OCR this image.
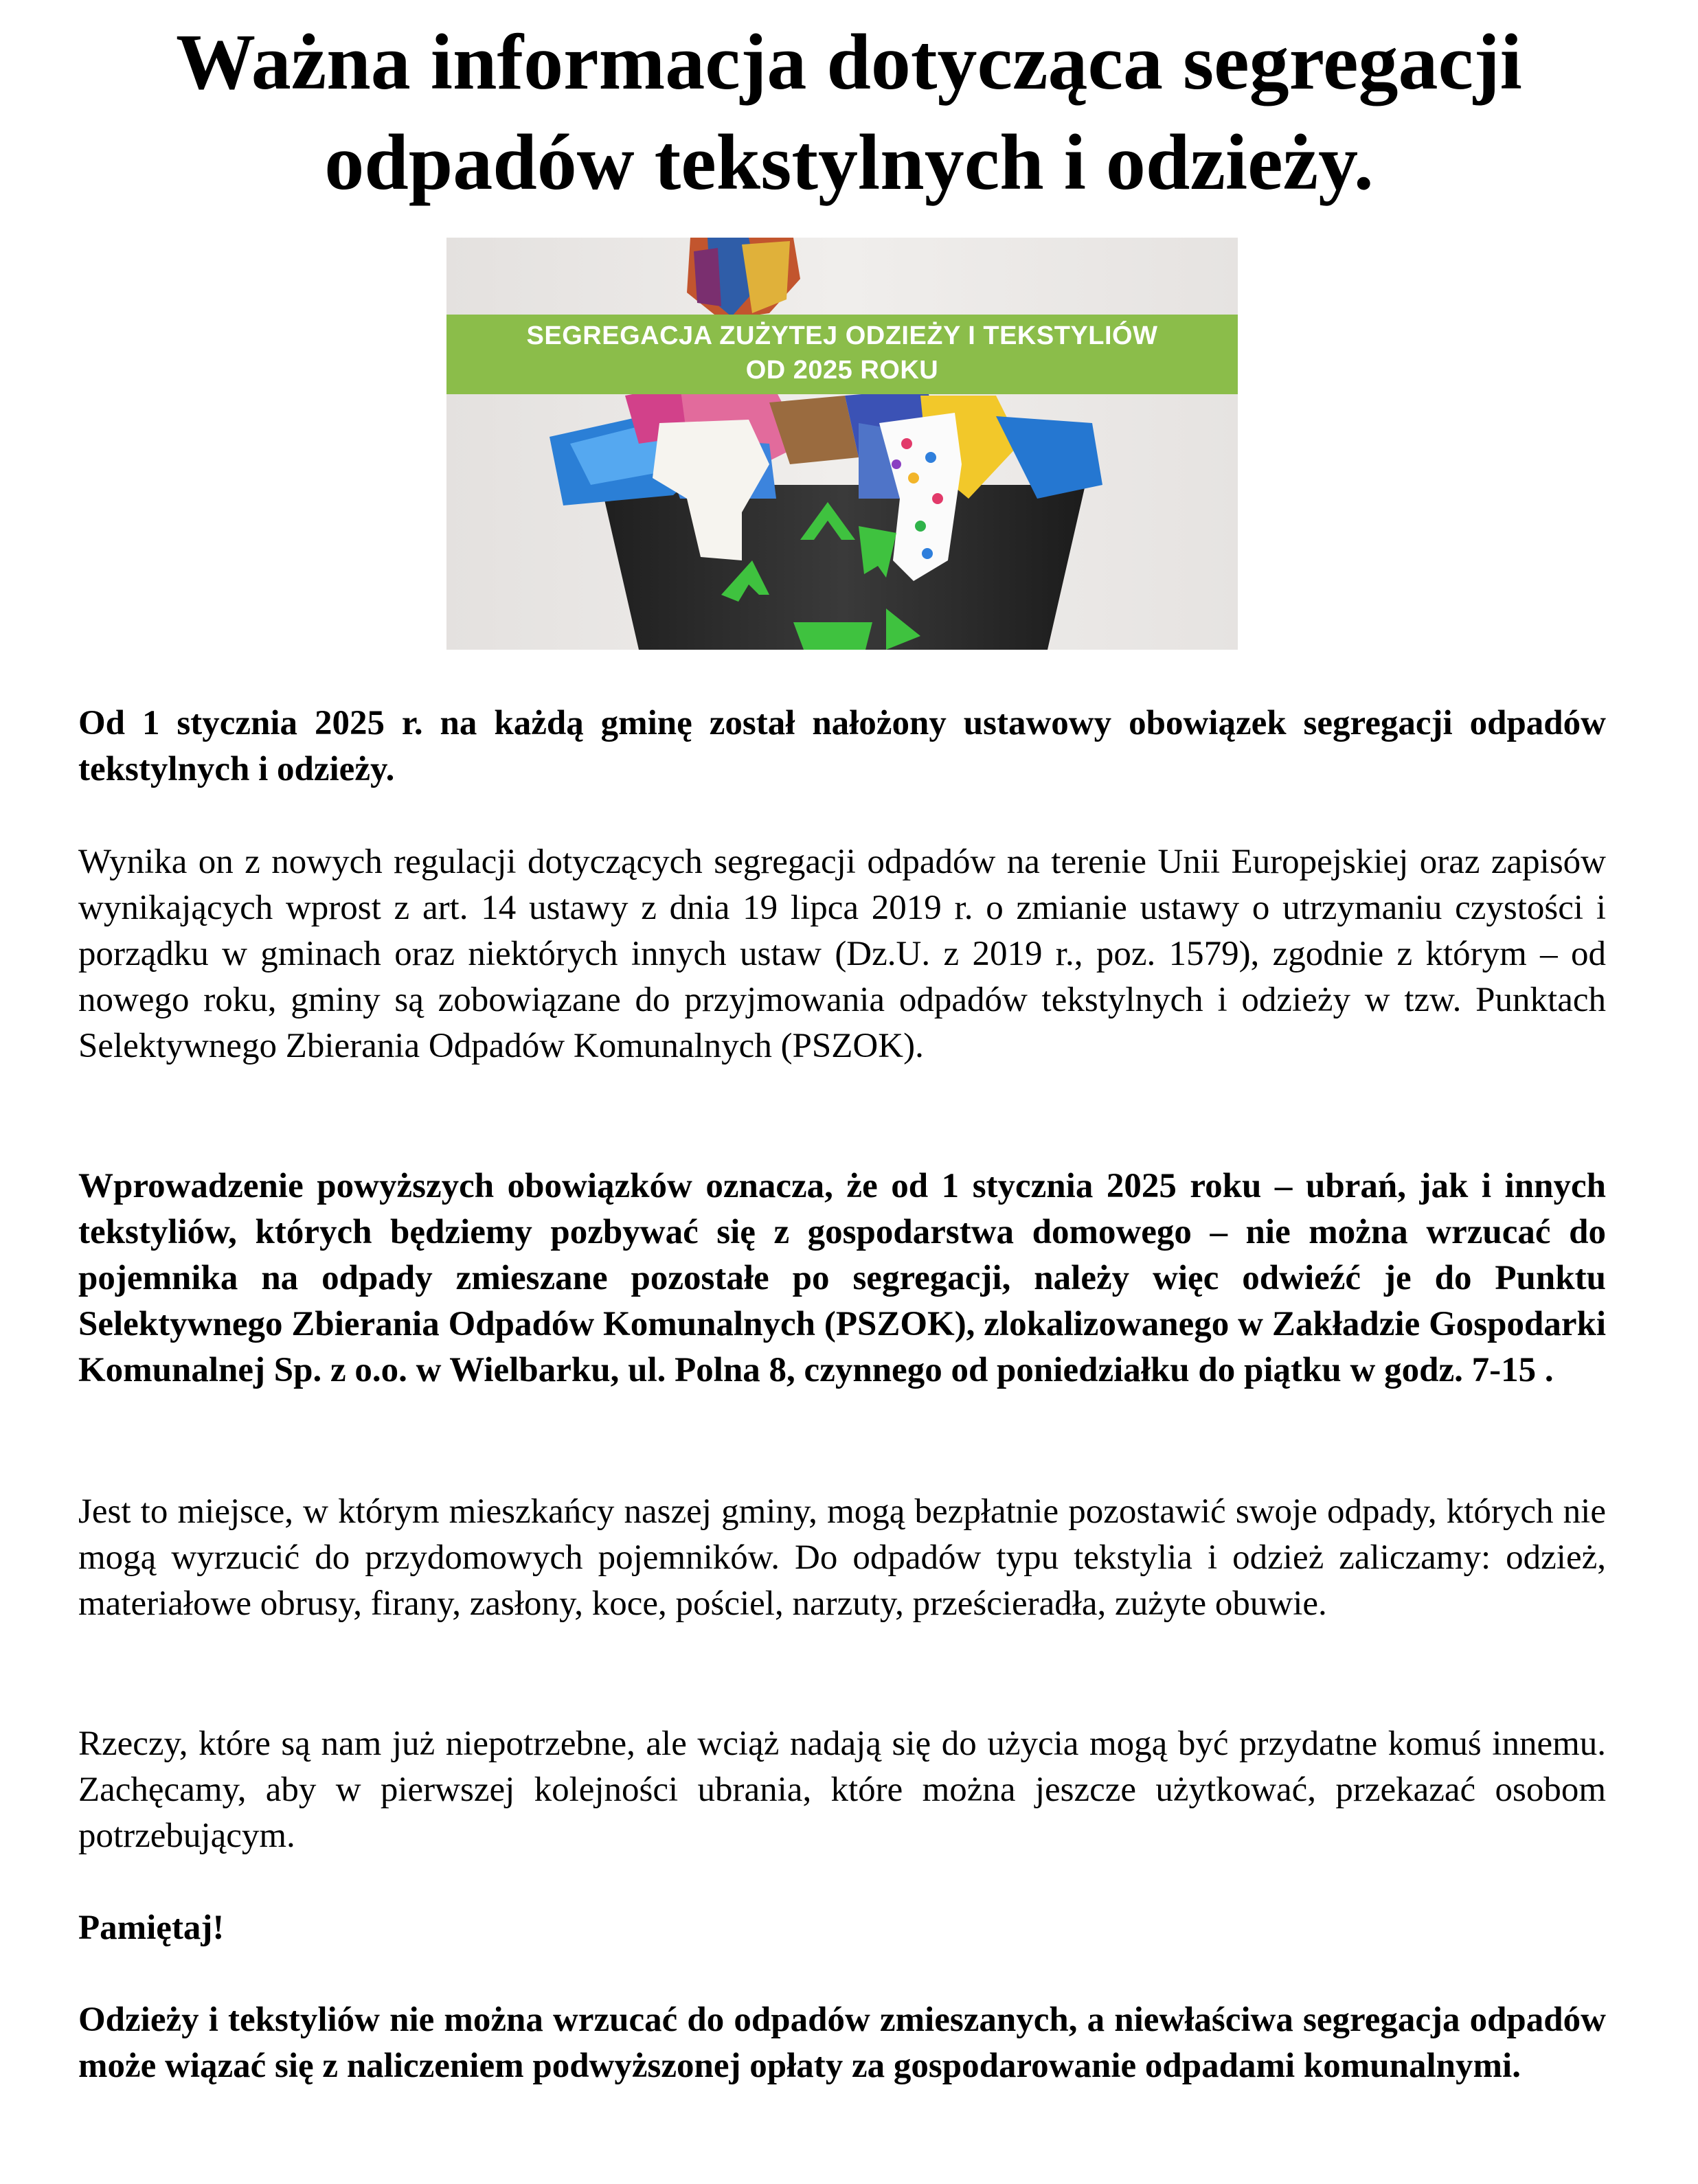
Ważna informacja dotycząca segregacji
odpadów tekstylnych i odzieży.
SEGREGACJA ZUŻYTEJ ODZIEŻY I TEKSTYLIÓW
OD 2025 ROKU

Od 1 stycznia 2025 r. na każdą gminę został nałożony ustawowy obowiązek segregacji odpadów tekstylnych i odzieży.

Wynika on z nowych regulacji dotyczących segregacji odpadów na terenie Unii Europejskiej oraz zapisów wynikających wprost z art. 14 ustawy z dnia 19 lipca 2019 r. o zmianie ustawy o utrzymaniu czystości i porządku w gminach oraz niektórych innych ustaw (Dz.U. z 2019 r., poz. 1579), zgodnie z którym – od nowego roku, gminy są zobowiązane do przyjmowania odpadów tekstylnych i odzieży w tzw. Punktach Selektywnego Zbierania Odpadów Komunalnych (PSZOK).

Wprowadzenie powyższych obowiązków oznacza, że od 1 stycznia 2025 roku – ubrań, jak i innych tekstyliów, których będziemy pozbywać się z gospodarstwa domowego – nie można wrzucać do pojemnika na odpady zmieszane pozostałe po segregacji, należy więc odwieźć je do Punktu Selektywnego Zbierania Odpadów Komunalnych (PSZOK), zlokalizowanego w Zakładzie Gospodarki Komunalnej Sp. z o.o. w Wielbarku, ul. Polna 8, czynnego od poniedziałku do piątku w godz. 7-15 .

Jest to miejsce, w którym mieszkańcy naszej gminy, mogą bezpłatnie pozostawić swoje odpady, których nie mogą wyrzucić do przydomowych pojemników. Do odpadów typu tekstylia i odzież zaliczamy: odzież, materiałowe obrusy, firany, zasłony, koce, pościel, narzuty, prześcieradła, zużyte obuwie.

Rzeczy, które są nam już niepotrzebne, ale wciąż nadają się do użycia mogą być przydatne komuś innemu. Zachęcamy, aby w pierwszej kolejności ubrania, które można jeszcze użytkować, przekazać osobom potrzebującym.

Pamiętaj!

Odzieży i tekstyliów nie można wrzucać do odpadów zmieszanych, a niewłaściwa segregacja odpadów może wiązać się z naliczeniem podwyższonej opłaty za gospodarowanie odpadami komunalnymi.
